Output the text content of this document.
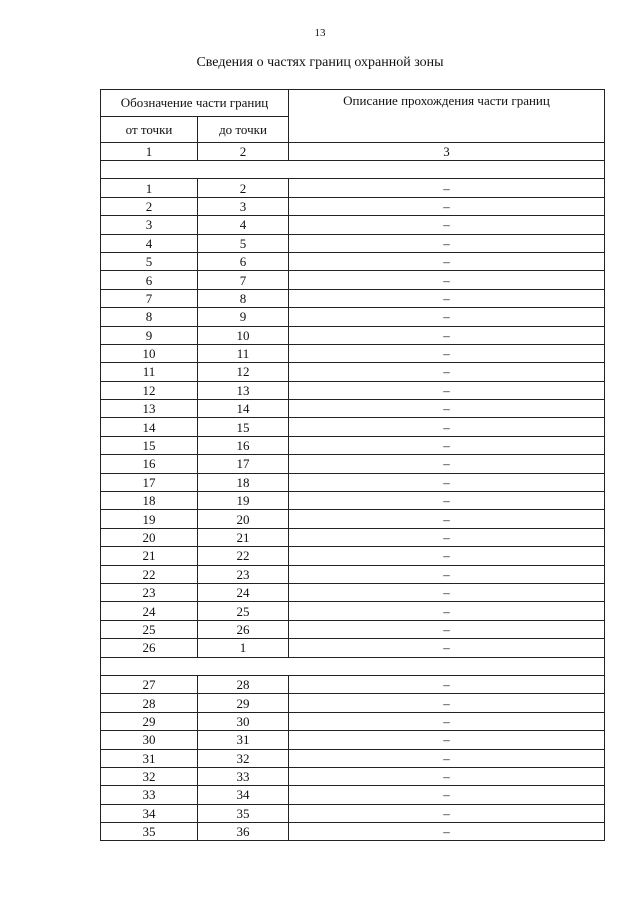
13
Сведения о частях границ охранной зоны
Обозначение части границ		Описание прохождения части границ
от точки	до точки	
1	2	3

1	2	–
2	3	–
3	4	–
4	5	–
5	6	–
6	7	–
7	8	–
8	9	–
9	10	–
10	11	–
11	12	–
12	13	–
13	14	–
14	15	–
15	16	–
16	17	–
17	18	–
18	19	–
19	20	–
20	21	–
21	22	–
22	23	–
23	24	–
24	25	–
25	26	–
26	1	–

27	28	–
28	29	–
29	30	–
30	31	–
31	32	–
32	33	–
33	34	–
34	35	–
35	36	–
